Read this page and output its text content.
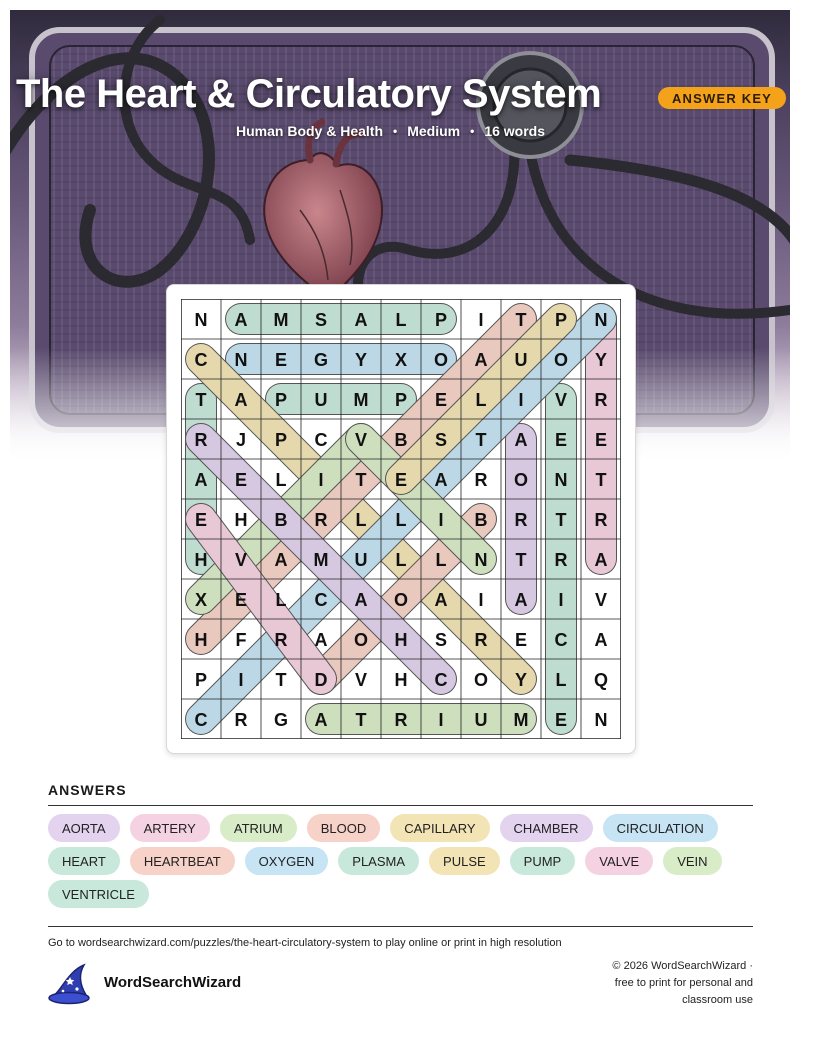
The Heart & Circulatory System	ANSWER KEY
Human Body & Health • Medium • 16 words
N A M S A L P I T P N
C N E G Y X O A U O Y
T A P U M P E L I V R
R J P C V B S T A E E
A E L I T E A R O N T
E H B R L L I B R T R
H V A M U L L N T R A
X E L C A O A I A I V
H F R A O H S R E C A
P I T D V H C O Y L Q
C R G A T R I U M E N
ANSWERS
AORTA	ARTERY	ATRIUM	BLOOD	CAPILLARY	CHAMBER	CIRCULATION
HEART	HEARTBEAT	OXYGEN	PLASMA	PULSE	PUMP	VALVE	VEIN
VENTRICLE
Go to wordsearchwizard.com/puzzles/the-heart-circulatory-system to play online or print in high resolution
WordSearchWizard
© 2026 WordSearchWizard ·
free to print for personal and
classroom use
